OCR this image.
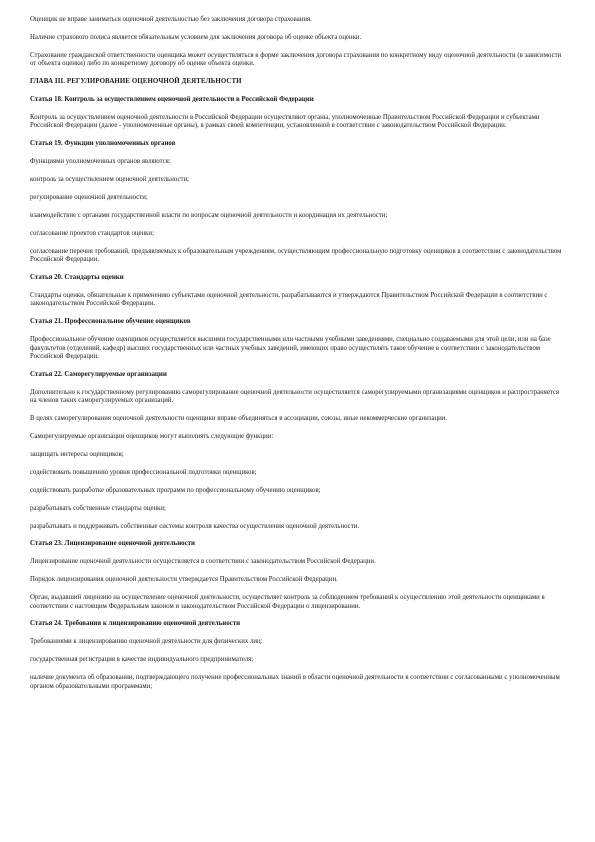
Оценщик не вправе заниматься оценочной деятельностью без заключения договора страхования.
Наличие страхового полиса является обязательным условием для заключения договора об оценке объекта оценки.
Страхование гражданской ответственности оценщика может осуществляться в форме заключения договора страхования по конкретному виду оценочной деятельности (в зависимости от объекта оценки) либо по конкретному договору об оценке объекта оценки.
ГЛАВА III. РЕГУЛИРОВАНИЕ ОЦЕНОЧНОЙ ДЕЯТЕЛЬНОСТИ
Статья 18. Контроль за осуществлением оценочной деятельности в Российской Федерации
Контроль за осуществлением оценочной деятельности в Российской Федерации осуществляют органы, уполномоченные Правительством Российской Федерации и субъектами Российской Федерации (далее - уполномоченные органы), в рамках своей компетенции, установленной в соответствии с законодательством Российской Федерации.
Статья 19. Функции уполномоченных органов
Функциями уполномоченных органов являются:
контроль за осуществлением оценочной деятельности;
регулирование оценочной деятельности;
взаимодействие с органами государственной власти по вопросам оценочной деятельности и координация их деятельности;
согласование проектов стандартов оценки;
согласование перечня требований, предъявляемых к образовательным учреждениям, осуществляющим профессиональную подготовку оценщиков в соответствии с законодательством Российской Федерации.
Статья 20. Стандарты оценки
Стандарты оценки, обязательные к применению субъектами оценочной деятельности, разрабатываются и утверждаются Правительством Российской Федерации в соответствии с законодательством Российской Федерации.
Статья 21. Профессиональное обучение оценщиков
Профессиональное обучение оценщиков осуществляется высшими государственными или частными учебными заведениями, специально создаваемыми для этой цели, или на базе факультетов (отделений, кафедр) высших государственных или частных учебных заведений, имеющих право осуществлять такое обучение в соответствии с законодательством Российской Федерации.
Статья 22. Саморегулируемые организации
Дополнительно к государственному регулированию саморегулирование оценочной деятельности осуществляется саморегулируемыми организациями оценщиков и распространяется на членов таких саморегулируемых организаций.
В целях саморегулирования оценочной деятельности оценщики вправе объединяться в ассоциации, союзы, иные некоммерческие организации.
Саморегулируемые организации оценщиков могут выполнять следующие функции:
защищать интересы оценщиков;
содействовать повышению уровня профессиональной подготовки оценщиков;
содействовать разработке образовательных программ по профессиональному обучению оценщиков;
разрабатывать собственные стандарты оценки;
разрабатывать и поддерживать собственные системы контроля качества осуществления оценочной деятельности.
Статья 23. Лицензирование оценочной деятельности
Лицензирование оценочной деятельности осуществляется в соответствии с законодательством Российской Федерации.
Порядок лицензирования оценочной деятельности утверждается Правительством Российской Федерации.
Орган, выдавший лицензию на осуществление оценочной деятельности, осуществляет контроль за соблюдением требований к осуществлению этой деятельности оценщиками в соответствии с настоящим Федеральным законом и законодательством Российской Федерации о лицензировании.
Статья 24. Требования к лицензированию оценочной деятельности
Требованиями к лицензированию оценочной деятельности для физических лиц:
государственная регистрация в качестве индивидуального предпринимателя;
наличие документа об образовании, подтверждающего получение профессиональных знаний в области оценочной деятельности в соответствии с согласованными с уполномоченным органом образовательными программами;
